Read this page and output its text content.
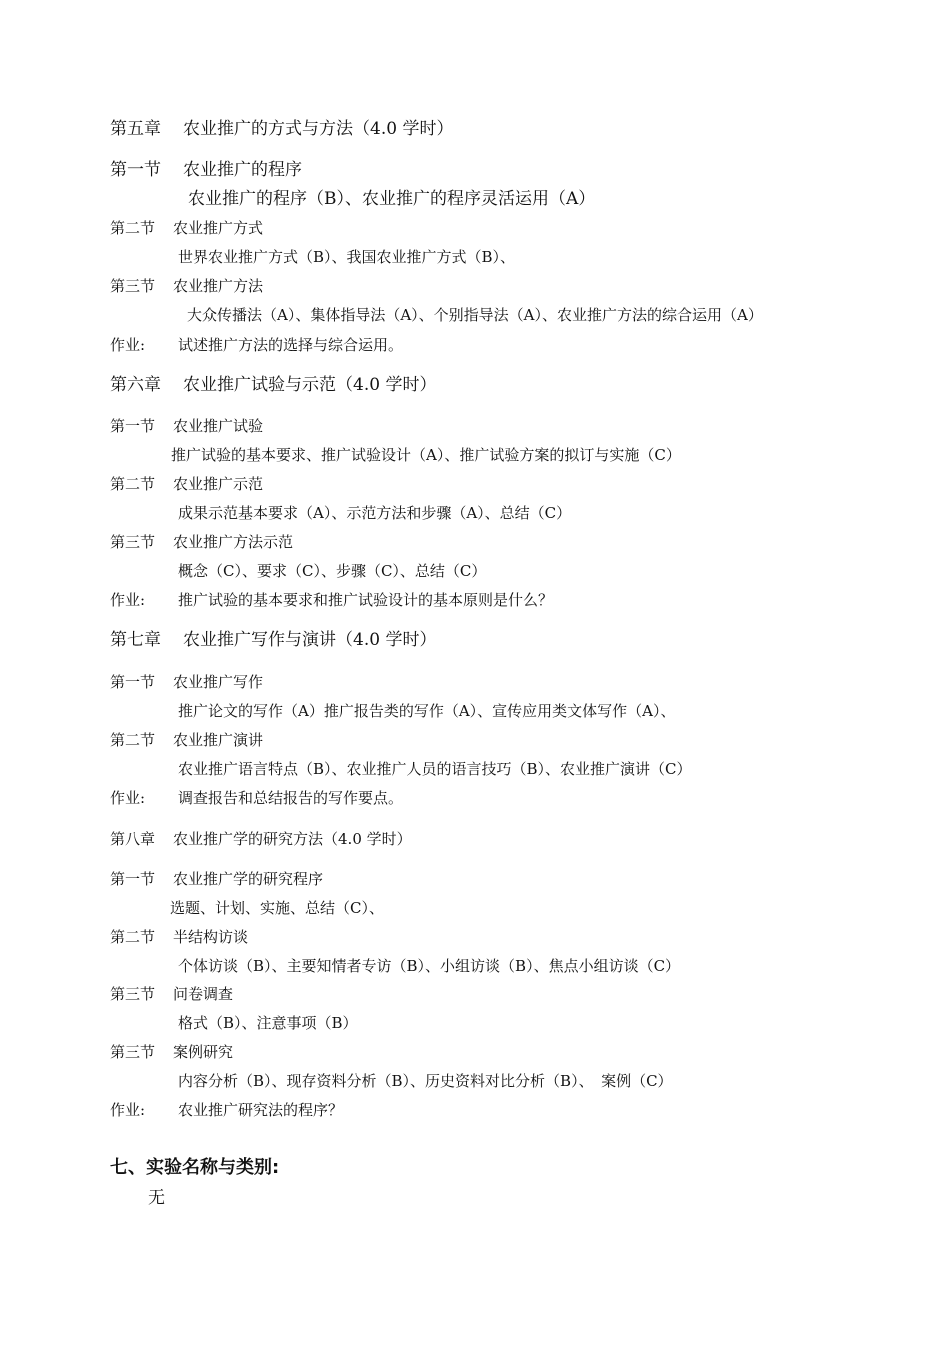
第五章 农业推广的方式与方法（4.0 学时）
第一节 农业推广的程序
农业推广的程序（B）、农业推广的程序灵活运用（A）
第二节 农业推广方式
世界农业推广方式（B）、我国农业推广方式（B）、
第三节 农业推广方法
大众传播法（A）、集体指导法（A）、个别指导法（A）、农业推广方法的综合运用（A）
作业: 试述推广方法的选择与综合运用。
第六章 农业推广试验与示范（4.0 学时）
第一节 农业推广试验
推广试验的基本要求、推广试验设计（A）、推广试验方案的拟订与实施（C）
第二节 农业推广示范
成果示范基本要求（A）、示范方法和步骤（A）、总结（C）
第三节 农业推广方法示范
概念（C）、要求（C）、步骤（C）、总结（C）
作业: 推广试验的基本要求和推广试验设计的基本原则是什么？
第七章 农业推广写作与演讲（4.0 学时）
第一节 农业推广写作
推广论文的写作（A）推广报告类的写作（A）、宣传应用类文体写作（A）、
第二节 农业推广演讲
农业推广语言特点（B）、农业推广人员的语言技巧（B）、农业推广演讲（C）
作业: 调查报告和总结报告的写作要点。
第八章 农业推广学的研究方法（4.0 学时）
第一节 农业推广学的研究程序
选题、计划、实施、总结（C）、
第二节 半结构访谈
个体访谈（B）、主要知情者专访（B）、小组访谈（B）、焦点小组访谈（C）
第三节 问卷调查
格式（B）、注意事项（B）
第三节 案例研究
内容分析（B）、现存资料分析（B）、历史资料对比分析（B）、　案例（C）
作业: 农业推广研究法的程序？
七、实验名称与类别:
无
